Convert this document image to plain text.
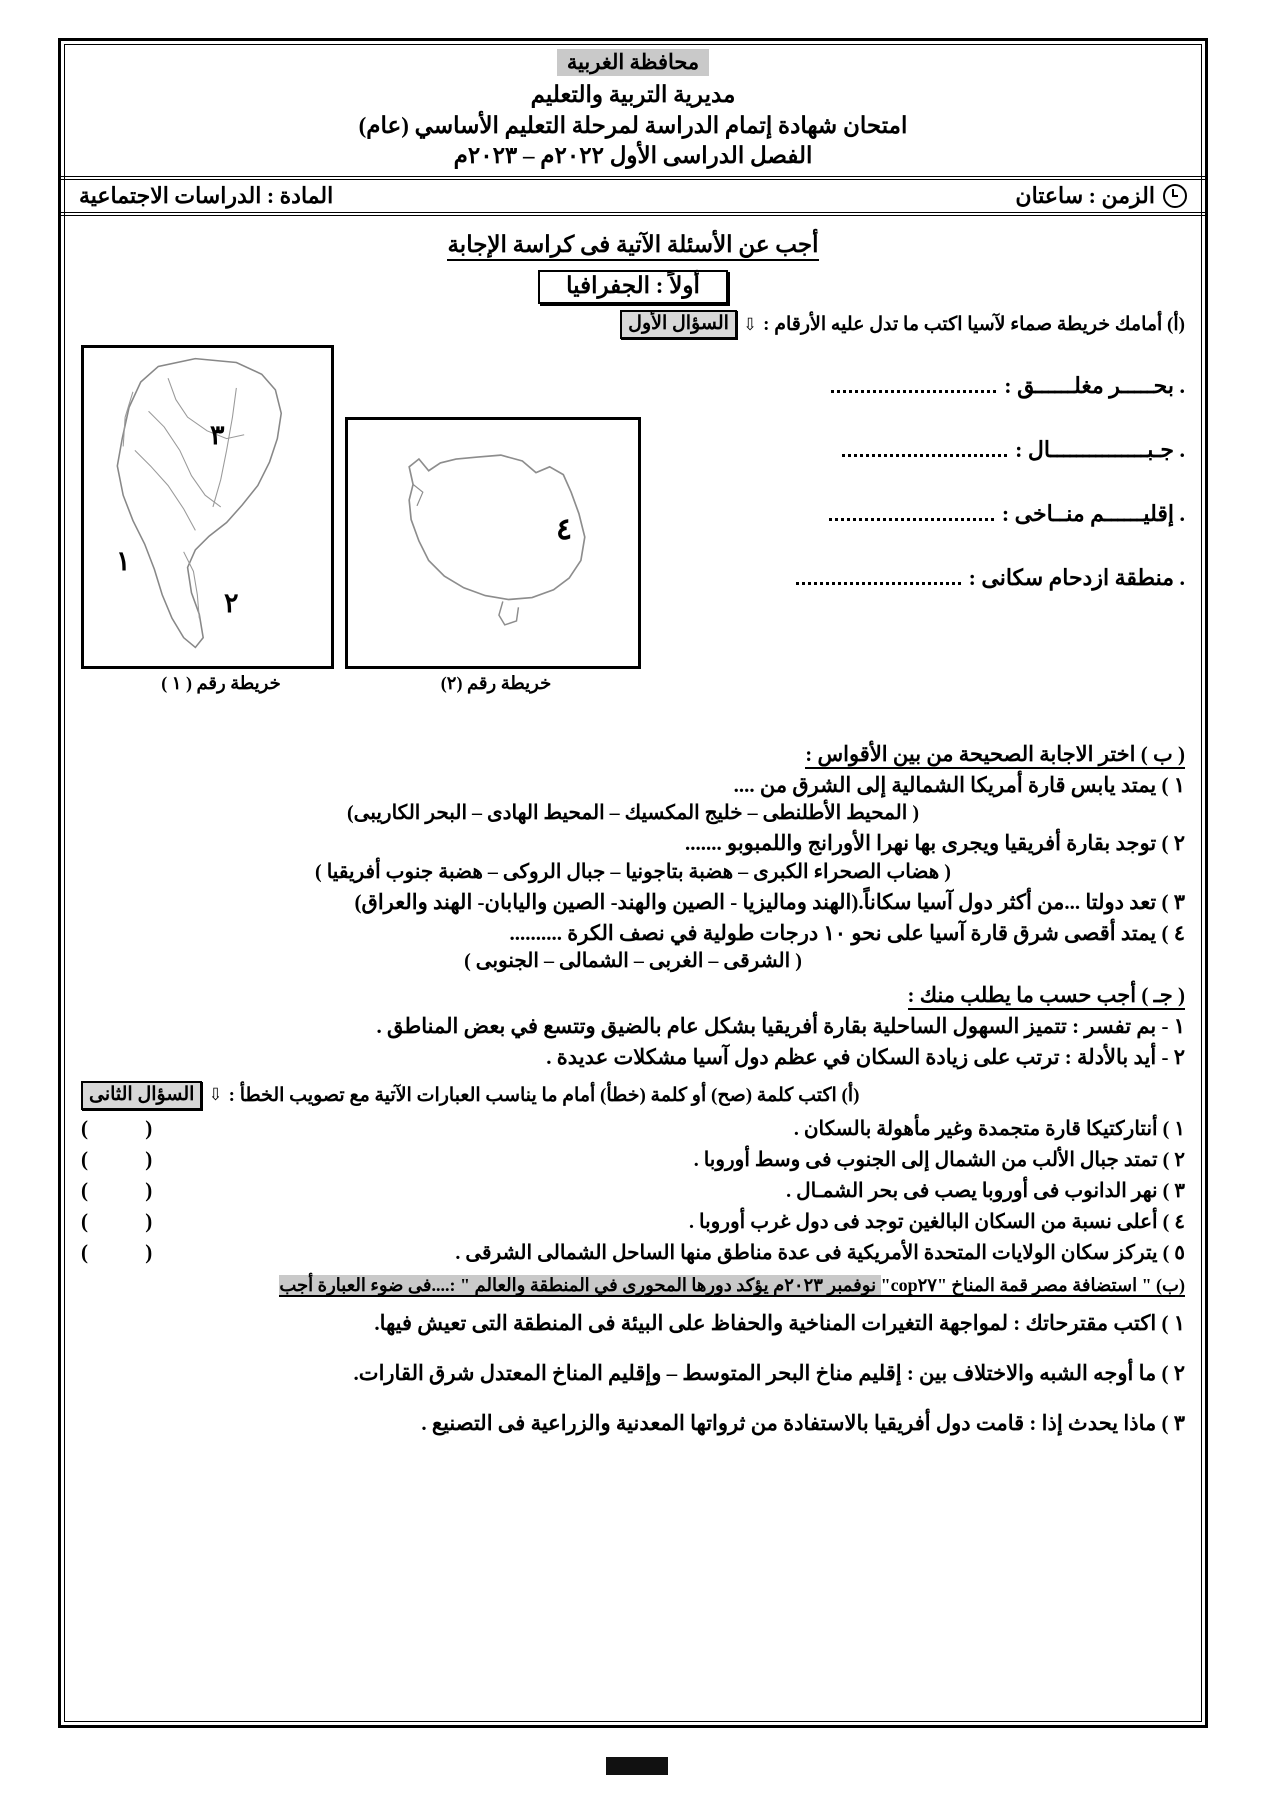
محافظة الغربية
مديرية التربية والتعليم
امتحان شهادة إتمام الدراسة لمرحلة التعليم الأساسي (عام)
الفصل الدراسى الأول ٢٠٢٢م – ٢٠٢٣م
الزمن : ساعتان
المادة : الدراسات الاجتماعية
أجب عن الأسئلة الآتية فى كراسة الإجابة
أولاً : الجفرافيا
(أ) أمامك خريطة صماء لآسيا اكتب ما تدل عليه الأرقام :
⇩
السؤال الأول
٣
١
٢
٤
خريطة رقم ( ١ )	خريطة رقم (٢)
. بحـــــر مغلــــــق :
. جـبـــــــــــــــال :
. إقليــــــم منــاخى :
. منطقة ازدحام سكانى :
( ب ) اختر الاجابة الصحيحة من بين الأقواس :
١ ) يمتد يابس قارة أمريكا الشمالية إلى الشرق من ....
( المحيط الأطلنطى – خليج المكسيك – المحيط الهادى – البحر الكاريبى)
٢ ) توجد بقارة أفريقيا ويجرى بها نهرا الأورانج واللمبوبو .......
( هضاب الصحراء الكبرى – هضبة بتاجونيا – جبال الروكى – هضبة جنوب أفريقيا )
٣ ) تعد دولتا ...من أكثر دول آسيا سكاناً.(الهند وماليزيا - الصين والهند- الصين واليابان- الهند والعراق)
٤ ) يمتد أقصى شرق قارة آسيا على نحو ١٠ درجات طولية في نصف الكرة ..........
( الشرقى – الغربى – الشمالى – الجنوبى )
( جـ ) أجب حسب ما يطلب منك :
١ - بم تفسر : تتميز السهول الساحلية بقارة أفريقيا بشكل عام بالضيق وتتسع في بعض المناطق .
٢ - أيد بالأدلة : ترتب على زيادة السكان في عظم دول آسيا مشكلات عديدة .
(أ) اكتب كلمة (صح) أو كلمة (خطأ) أمام ما يناسب العبارات الآتية مع تصويب الخطأ :
⇩
السؤال الثانى
١ ) أنتاركتيكا قارة متجمدة وغير مأهولة بالسكان .
( )
٢ ) تمتد جبال الألب من الشمال إلى الجنوب فى وسط أوروبا .
( )
٣ ) نهر الدانوب فى أوروبا يصب فى بحر الشمـال .
( )
٤ ) أعلى نسبة من السكان البالغين توجد فى دول غرب أوروبا .
( )
٥ ) يتركز سكان الولايات المتحدة الأمريكية فى عدة مناطق منها الساحل الشمالى الشرقى .
( )
(ب) " استضافة مصر قمة المناخ "cop٢٧" نوفمبر ٢٠٢٣م يؤكد دورها المحورى في المنطقة والعالم " :....فى ضوء العبارة أجب
١ ) اكتب مقترحاتك : لمواجهة التغيرات المناخية والحفاظ على البيئة فى المنطقة التى تعيش فيها.
٢ ) ما أوجه الشبه والاختلاف بين : إقليم مناخ البحر المتوسط – وإقليم المناخ المعتدل شرق القارات.
٣ ) ماذا يحدث إذا : قامت دول أفريقيا بالاستفادة من ثرواتها المعدنية والزراعية فى التصنيع .
